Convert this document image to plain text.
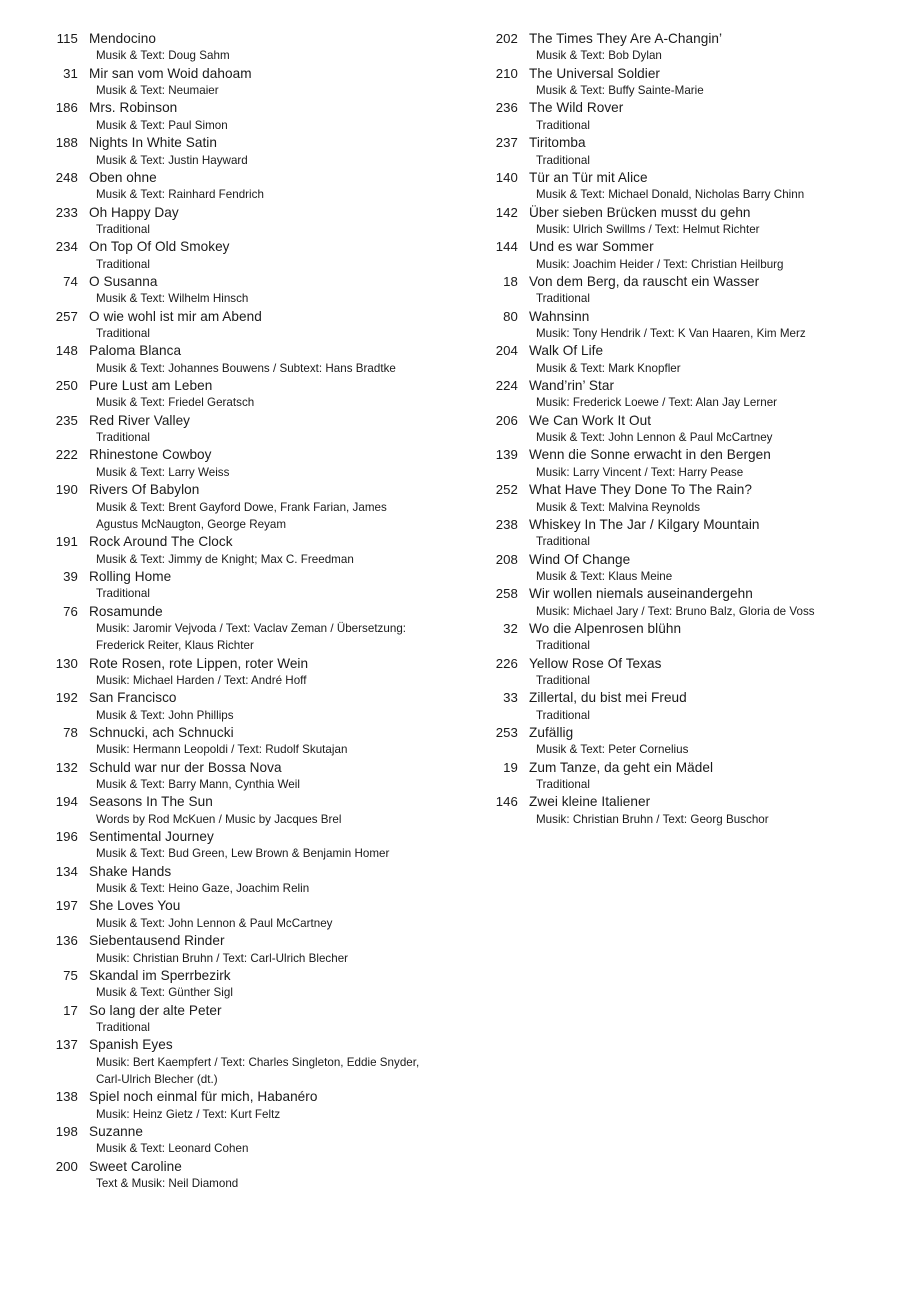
115 Mendocino
Musik & Text: Doug Sahm
31 Mir san vom Woid dahoam
Musik & Text: Neumaier
186 Mrs. Robinson
Musik & Text: Paul Simon
188 Nights In White Satin
Musik & Text: Justin Hayward
248 Oben ohne
Musik & Text: Rainhard Fendrich
233 Oh Happy Day
Traditional
234 On Top Of Old Smokey
Traditional
74 O Susanna
Musik & Text: Wilhelm Hinsch
257 O wie wohl ist mir am Abend
Traditional
148 Paloma Blanca
Musik & Text: Johannes Bouwens / Subtext: Hans Bradtke
250 Pure Lust am Leben
Musik & Text: Friedel Geratsch
235 Red River Valley
Traditional
222 Rhinestone Cowboy
Musik & Text: Larry Weiss
190 Rivers Of Babylon
Musik & Text: Brent Gayford Dowe, Frank Farian, James Agustus McNaugton, George Reyam
191 Rock Around The Clock
Musik & Text: Jimmy de Knight; Max C. Freedman
39 Rolling Home
Traditional
76 Rosamunde
Musik: Jaromir Vejvoda / Text: Vaclav Zeman / Übersetzung: Frederick Reiter, Klaus Richter
130 Rote Rosen, rote Lippen, roter Wein
Musik: Michael Harden / Text: André Hoff
192 San Francisco
Musik & Text: John Phillips
78 Schnucki, ach Schnucki
Musik: Hermann Leopoldi / Text: Rudolf Skutajan
132 Schuld war nur der Bossa Nova
Musik & Text: Barry Mann, Cynthia Weil
194 Seasons In The Sun
Words by Rod McKuen / Music by Jacques Brel
196 Sentimental Journey
Musik & Text: Bud Green, Lew Brown & Benjamin Homer
134 Shake Hands
Musik & Text: Heino Gaze, Joachim Relin
197 She Loves You
Musik & Text: John Lennon & Paul McCartney
136 Siebentausend Rinder
Musik: Christian Bruhn / Text: Carl-Ulrich Blecher
75 Skandal im Sperrbezirk
Musik & Text: Günther Sigl
17 So lang der alte Peter
Traditional
137 Spanish Eyes
Musik: Bert Kaempfert / Text: Charles Singleton, Eddie Snyder, Carl-Ulrich Blecher (dt.)
138 Spiel noch einmal für mich, Habanéro
Musik: Heinz Gietz / Text: Kurt Feltz
198 Suzanne
Musik & Text: Leonard Cohen
200 Sweet Caroline
Text & Musik: Neil Diamond
202 The Times They Are A-Changin’
Musik & Text: Bob Dylan
210 The Universal Soldier
Musik & Text: Buffy Sainte-Marie
236 The Wild Rover
Traditional
237 Tiritomba
Traditional
140 Tür an Tür mit Alice
Musik & Text: Michael Donald, Nicholas Barry Chinn
142 Über sieben Brücken musst du gehn
Musik: Ulrich Swillms / Text: Helmut Richter
144 Und es war Sommer
Musik: Joachim Heider / Text: Christian Heilburg
18 Von dem Berg, da rauscht ein Wasser
Traditional
80 Wahnsinn
Musik: Tony Hendrik / Text: K Van Haaren, Kim Merz
204 Walk Of Life
Musik & Text: Mark Knopfler
224 Wand’rin’ Star
Musik: Frederick Loewe / Text: Alan Jay Lerner
206 We Can Work It Out
Musik & Text: John Lennon & Paul McCartney
139 Wenn die Sonne erwacht in den Bergen
Musik: Larry Vincent / Text: Harry Pease
252 What Have They Done To The Rain?
Musik & Text: Malvina Reynolds
238 Whiskey In The Jar / Kilgary Mountain
Traditional
208 Wind Of Change
Musik & Text: Klaus Meine
258 Wir wollen niemals auseinandergehn
Musik: Michael Jary / Text: Bruno Balz, Gloria de Voss
32 Wo die Alpenrosen blühn
Traditional
226 Yellow Rose Of Texas
Traditional
33 Zillertal, du bist mei Freud
Traditional
253 Zufällig
Musik & Text: Peter Cornelius
19 Zum Tanze, da geht ein Mädel
Traditional
146 Zwei kleine Italiener
Musik: Christian Bruhn / Text: Georg Buschor
